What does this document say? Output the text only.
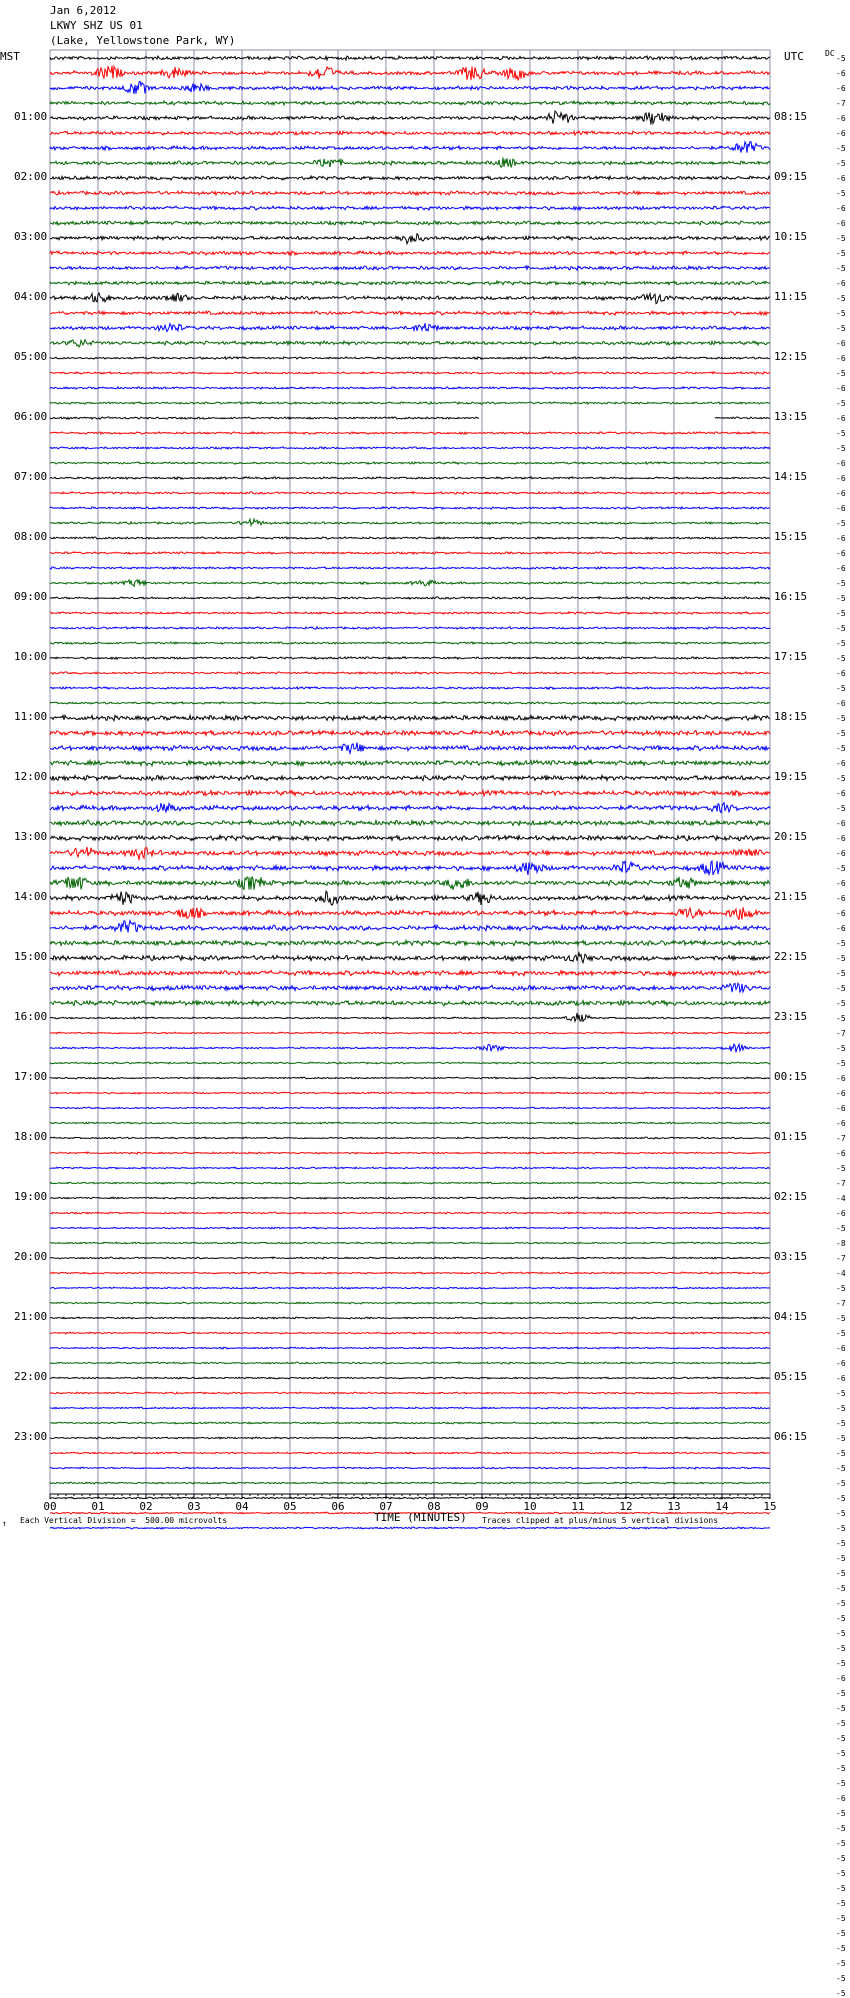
00	01	02	03	04	05	06	07	08	09	10	11	12	13	14	15
Jan 6,2012
LKWY SHZ US 01
(Lake, Yellowstone Park, WY)
MST	UTC	DC
01:00
02:00
03:00
04:00
05:00
06:00
07:00
08:00
09:00
10:00
11:00
12:00
13:00
14:00
15:00
16:00
17:00
18:00
19:00
20:00
21:00
22:00
23:00
08:15
09:15
10:15
11:15
12:15
13:15
14:15
15:15
16:15
17:15
18:15
19:15
20:15
21:15
22:15
23:15
00:15
01:15
02:15
03:15
04:15
05:15
06:15
-5
-6
-6
-7
-6
-6
-5
-5
-6
-5
-6
-6
-5
-5
-5
-6
-5
-5
-5
-6
-6
-5
-6
-5
-6
-5
-5
-6
-6
-6
-6
-5
-6
-6
-6
-5
-5
-5
-5
-5
-5
-6
-5
-6
-5
-5
-5
-6
-5
-6
-5
-6
-6
-6
-5
-6
-6
-6
-6
-5
-5
-5
-5
-5
-5
-7
-5
-5
-6
-6
-6
-6
-7
-6
-5
-7
-4
-6
-5
-8
-7
-4
-5
-7
-5
-5
-6
-6
-6
-5
-5
-5
-5
-5
-5
-5
-5
-5
-5
-5
-5
-5
-5
-5
-5
-5
-5
-5
-6
-5
-5
-5
-5
-5
-5
-5
-6
-5
-5
-5
-5
-5
-5
-5
-5
-5
-5
-5
-5
-5
↑ Each Vertical Division =  500.00 microvolts	TIME (MINUTES) Traces clipped at plus/minus 5 vertical divisions
